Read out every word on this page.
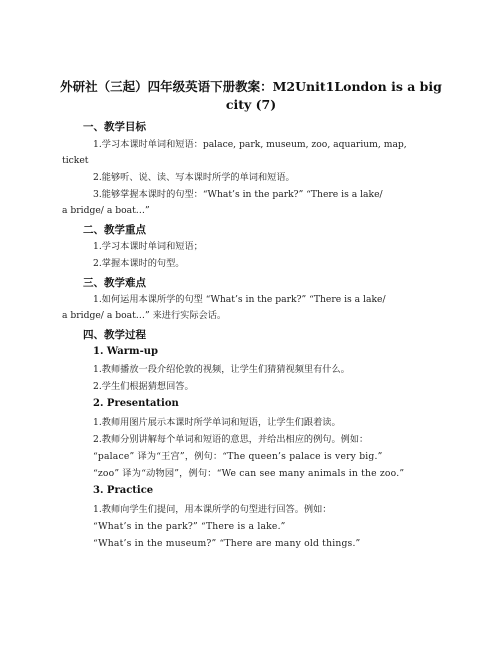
外研社（三起）四年级英语下册教案：M2Unit1London is a big
city (7)
一、教学目标
1.学习本课时单词和短语：palace, park, museum, zoo, aquarium, map,
ticket
2.能够听、说、读、写本课时所学的单词和短语。
3.能够掌握本课时的句型：“What’s in the park?” “There is a lake/
a bridge/ a boat…”
二、教学重点
1.学习本课时单词和短语；
2.掌握本课时的句型。
三、教学难点
1.如何运用本课所学的句型 “What’s in the park?” “There is a lake/
a bridge/ a boat…” 来进行实际会话。
四、教学过程
1. Warm-up
1.教师播放一段介绍伦敦的视频，让学生们猜猜视频里有什么。
2.学生们根据猜想回答。
2. Presentation
1.教师用图片展示本课时所学单词和短语，让学生们跟着读。
2.教师分别讲解每个单词和短语的意思，并给出相应的例句。例如：
“palace” 译为“王宫”，例句：“The queen’s palace is very big.”
“zoo” 译为“动物园”，例句：“We can see many animals in the zoo.”
3. Practice
1.教师向学生们提问，用本课所学的句型进行回答。例如：
“What’s in the park?” “There is a lake.”
“What’s in the museum?” “There are many old things.”
